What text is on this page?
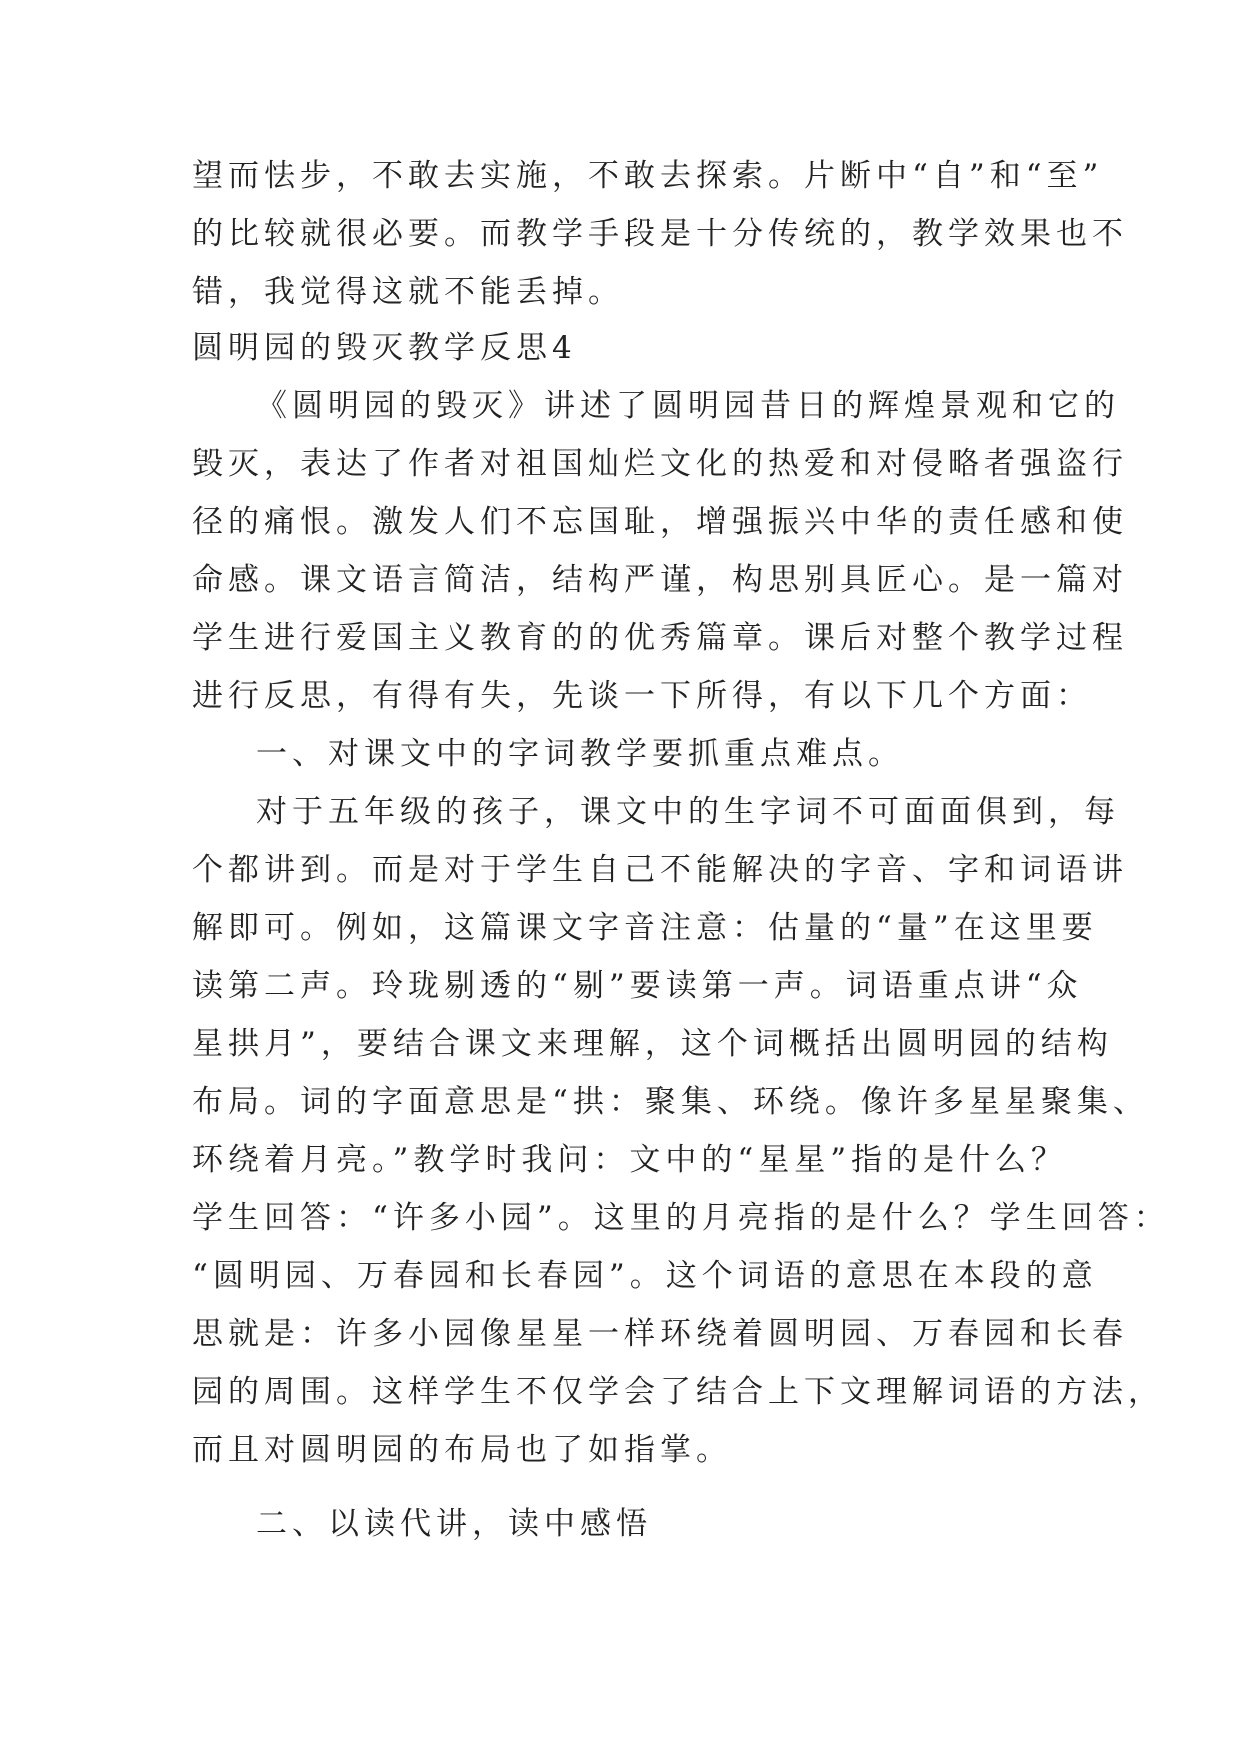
望而怯步，不敢去实施，不敢去探索。片断中“自”和“至”

的比较就很必要。而教学手段是十分传统的，教学效果也不

错，我觉得这就不能丢掉。

圆明园的毁灭教学反思4

《圆明园的毁灭》讲述了圆明园昔日的辉煌景观和它的

毁灭，表达了作者对祖国灿烂文化的热爱和对侵略者强盗行

径的痛恨。激发人们不忘国耻，增强振兴中华的责任感和使

命感。课文语言简洁，结构严谨，构思别具匠心。是一篇对

学生进行爱国主义教育的的优秀篇章。课后对整个教学过程

进行反思，有得有失，先谈一下所得，有以下几个方面：

一、对课文中的字词教学要抓重点难点。

对于五年级的孩子，课文中的生字词不可面面俱到，每

个都讲到。而是对于学生自己不能解决的字音、字和词语讲

解即可。例如，这篇课文字音注意：估量的“量”在这里要

读第二声。玲珑剔透的“剔”要读第一声。词语重点讲“众

星拱月”，要结合课文来理解，这个词概括出圆明园的结构

布局。词的字面意思是“拱：聚集、环绕。像许多星星聚集、

环绕着月亮。”教学时我问：文中的“星星”指的是什么？

学生回答：“许多小园”。这里的月亮指的是什么？学生回答：

“圆明园、万春园和长春园”。这个词语的意思在本段的意

思就是：许多小园像星星一样环绕着圆明园、万春园和长春

园的周围。这样学生不仅学会了结合上下文理解词语的方法，

而且对圆明园的布局也了如指掌。

二、以读代讲，读中感悟
